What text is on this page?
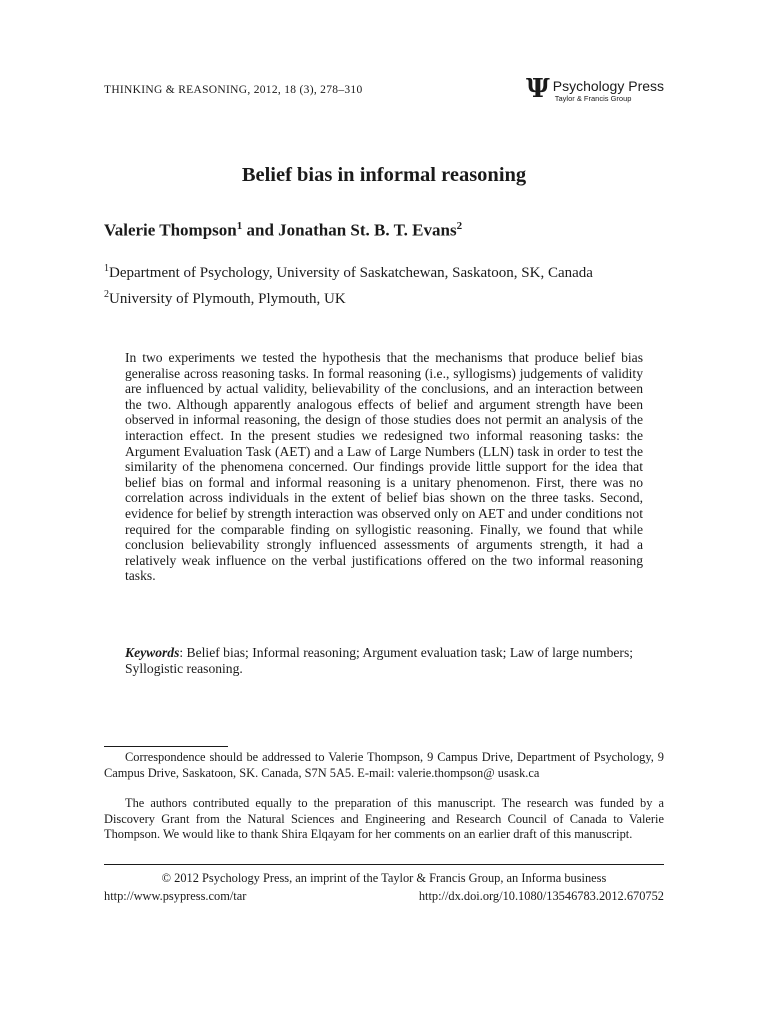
THINKING & REASONING, 2012, 18 (3), 278–310	Ψ Psychology Press
Taylor & Francis Group
Belief bias in informal reasoning
Valerie Thompson$^1$ and Jonathan St. B. T. Evans$^2$
$^1$Department of Psychology, University of Saskatchewan, Saskatoon, SK, Canada
$^2$University of Plymouth, Plymouth, UK
In two experiments we tested the hypothesis that the mechanisms that produce belief bias generalise across reasoning tasks. In formal reasoning (i.e., syllogisms) judgements of validity are influenced by actual validity, believability of the conclusions, and an interaction between the two. Although apparently analogous effects of belief and argument strength have been observed in informal reasoning, the design of those studies does not permit an analysis of the interaction effect. In the present studies we redesigned two informal reasoning tasks: the Argument Evaluation Task (AET) and a Law of Large Numbers (LLN) task in order to test the similarity of the phenomena concerned. Our findings provide little support for the idea that belief bias on formal and informal reasoning is a unitary phenomenon. First, there was no correlation across individuals in the extent of belief bias shown on the three tasks. Second, evidence for belief by strength interaction was observed only on AET and under conditions not required for the comparable finding on syllogistic reasoning. Finally, we found that while conclusion believability strongly influenced assessments of arguments strength, it had a relatively weak influence on the verbal justifications offered on the two informal reasoning tasks.
Keywords: Belief bias; Informal reasoning; Argument evaluation task; Law of large numbers; Syllogistic reasoning.
Correspondence should be addressed to Valerie Thompson, 9 Campus Drive, Department of Psychology, 9 Campus Drive, Saskatoon, SK. Canada, S7N 5A5. E-mail: valerie.thompson@ usask.ca
The authors contributed equally to the preparation of this manuscript. The research was funded by a Discovery Grant from the Natural Sciences and Engineering and Research Council of Canada to Valerie Thompson. We would like to thank Shira Elqayam for her comments on an earlier draft of this manuscript.
© 2012 Psychology Press, an imprint of the Taylor & Francis Group, an Informa business
http://www.psypress.com/tar	http://dx.doi.org/10.1080/13546783.2012.670752
